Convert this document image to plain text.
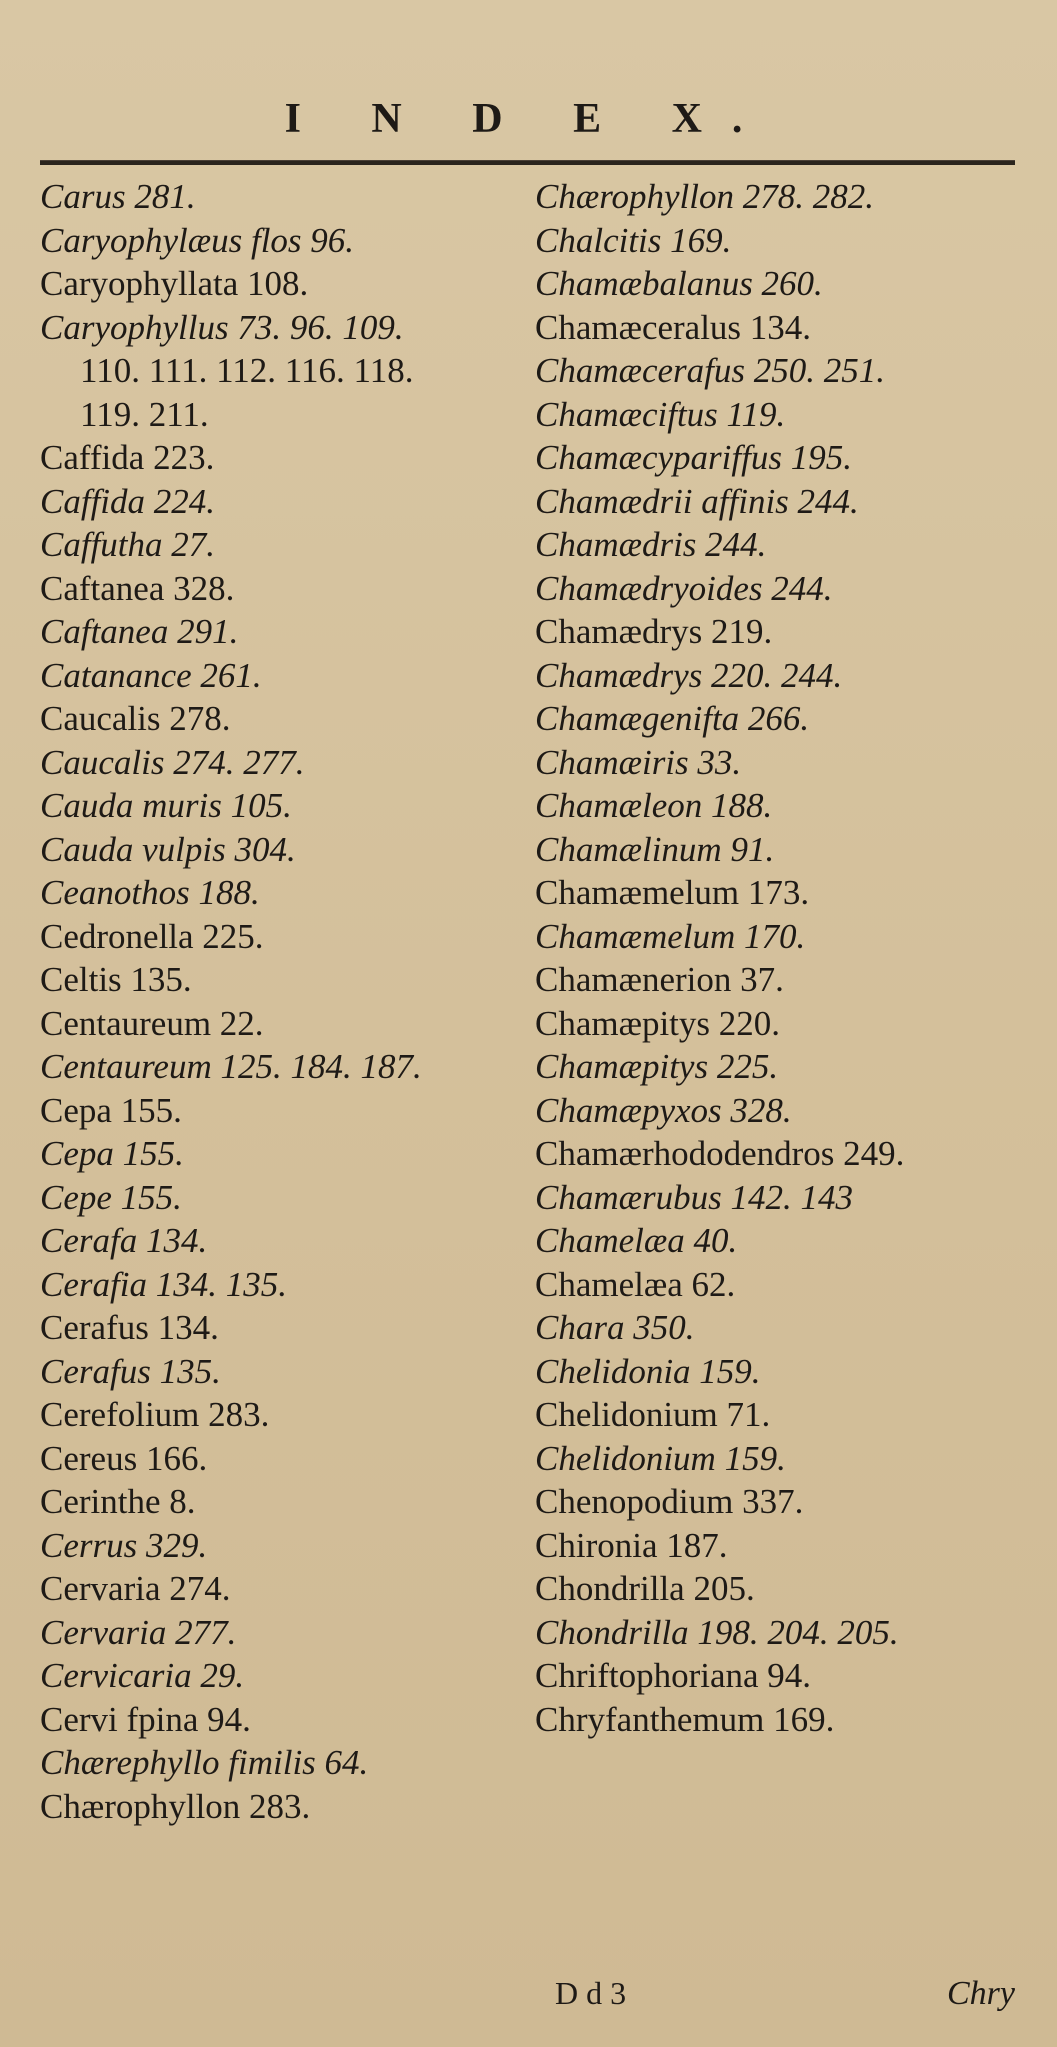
I N D E X.
Carus 281.
Caryophylæus flos 96.
Caryophyllata 108.
Caryophyllus 73. 96. 109.
110. 111. 112. 116. 118.
119. 211.
Caffida 223.
Caffida 224.
Caffutha 27.
Caftanea 328.
Caftanea 291.
Catanance 261.
Caucalis 278.
Caucalis 274. 277.
Cauda muris 105.
Cauda vulpis 304.
Ceanothos 188.
Cedronella 225.
Celtis 135.
Centaureum 22.
Centaureum 125. 184. 187.
Cepa 155.
Cepa 155.
Cepe 155.
Cerafa 134.
Cerafia 134. 135.
Cerafus 134.
Cerafus 135.
Cerefolium 283.
Cereus 166.
Cerinthe 8.
Cerrus 329.
Cervaria 274.
Cervaria 277.
Cervicaria 29.
Cervi fpina 94.
Chærephyllo fimilis 64.
Chærophyllon 283.
Chærophyllon 278. 282.
Chalcitis 169.
Chamæbalanus 260.
Chamæceralus 134.
Chamæcerafus 250. 251.
Chamæciftus 119.
Chamæcypariffus 195.
Chamædrii affinis 244.
Chamædris 244.
Chamædryoides 244.
Chamædrys 219.
Chamædrys 220. 244.
Chamægenifta 266.
Chamæiris 33.
Chamæleon 188.
Chamælinum 91.
Chamæmelum 173.
Chamæmelum 170.
Chamænerion 37.
Chamæpitys 220.
Chamæpitys 225.
Chamæpyxos 328.
Chamærhododendros 249.
Chamærubus 142. 143
Chamelæa 40.
Chamelæa 62.
Chara 350.
Chelidonia 159.
Chelidonium 71.
Chelidonium 159.
Chenopodium 337.
Chironia 187.
Chondrilla 205.
Chondrilla 198. 204. 205.
Chriftophoriana 94.
Chryfanthemum 169.
D d 3	Chry
